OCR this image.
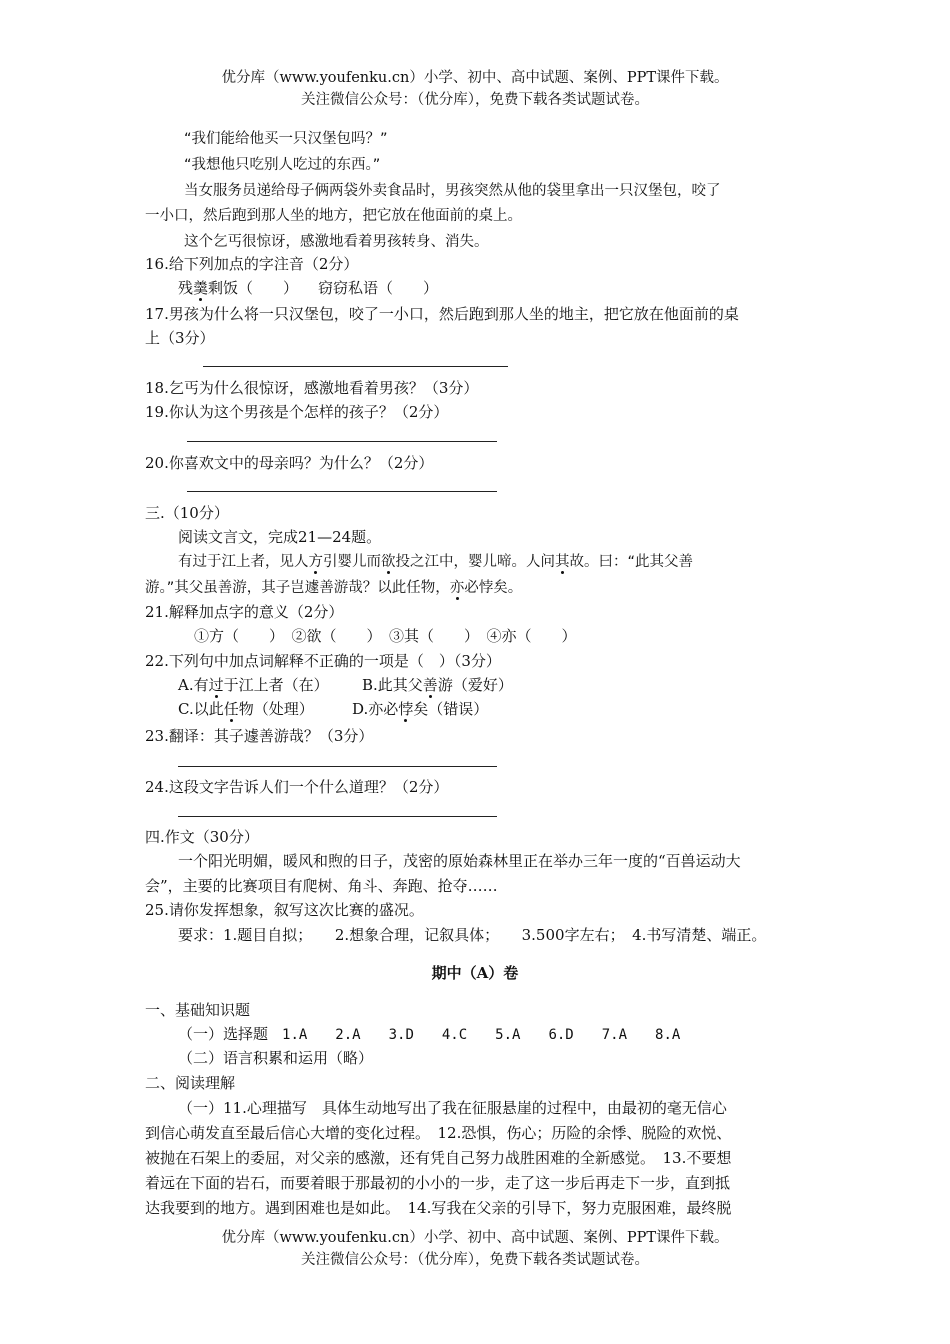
优分库（www.youfenku.cn）小学、初中、高中试题、案例、PPT课件下载。
关注微信公众号：（优分库），免费下载各类试题试卷。
“我们能给他买一只汉堡包吗？”
“我想他只吃别人吃过的东西。”
当女服务员递给母子俩两袋外卖食品时，男孩突然从他的袋里拿出一只汉堡包，咬了
一小口，然后跑到那人坐的地方，把它放在他面前的桌上。
这个乞丐很惊讶，感激地看着男孩转身、消失。
16.给下列加点的字注音（2分）
残羹剩饭（　　） 窃窃私语（　　）
17.男孩为什么将一只汉堡包，咬了一小口，然后跑到那人坐的地主，把它放在他面前的桌
上（3分）
18.乞丐为什么很惊讶，感激地看着男孩？（3分）
19.你认为这个男孩是个怎样的孩子？（2分）
20.你喜欢文中的母亲吗？为什么？（2分）
三.（10分）
阅读文言文，完成21—24题。
有过于江上者，见人方引婴儿而欲投之江中，婴儿啼。人问其故。曰：“此其父善
游。”其父虽善游，其子岂遽善游哉？以此任物，亦必悖矣。
21.解释加点字的意义（2分）
①方（　　）　②欲（　　）　③其（　　）　④亦（　　）
22.下列句中加点词解释不正确的一项是（　）（3分）
A.有过于江上者（在） B.此其父善游（爱好）
C.以此任物（处理）	D.亦必悖矣（错误）
23.翻译：其子遽善游哉？（3分）
24.这段文字告诉人们一个什么道理？（2分）
四.作文（30分）
一个阳光明媚，暖风和煦的日子，茂密的原始森林里正在举办三年一度的“百兽运动大
会”，主要的比赛项目有爬树、角斗、奔跑、抢夺……
25.请你发挥想象，叙写这次比赛的盛况。
要求：1.题目自拟；　　2.想象合理，记叙具体；　　3.500字左右；　4.书写清楚、端正。
期中（A）卷
一、基础知识题
（一）选择题 1.A　　2.A　　3.D　　4.C　　5.A　　6.D　　7.A　　8.A
（二）语言积累和运用（略）
二、阅读理解
（一）11.心理描写　具体生动地写出了我在征服悬崖的过程中，由最初的毫无信心
到信心萌发直至最后信心大增的变化过程。　12.恐惧，伤心；历险的余悸、脱险的欢悦、
被抛在石架上的委屈，对父亲的感激，还有凭自己努力战胜困难的全新感觉。　13.不要想
着远在下面的岩石，而要着眼于那最初的小小的一步，走了这一步后再走下一步，直到抵
达我要到的地方。遇到困难也是如此。　14.写我在父亲的引导下，努力克服困难，最终脱
优分库（www.youfenku.cn）小学、初中、高中试题、案例、PPT课件下载。
关注微信公众号：（优分库），免费下载各类试题试卷。
